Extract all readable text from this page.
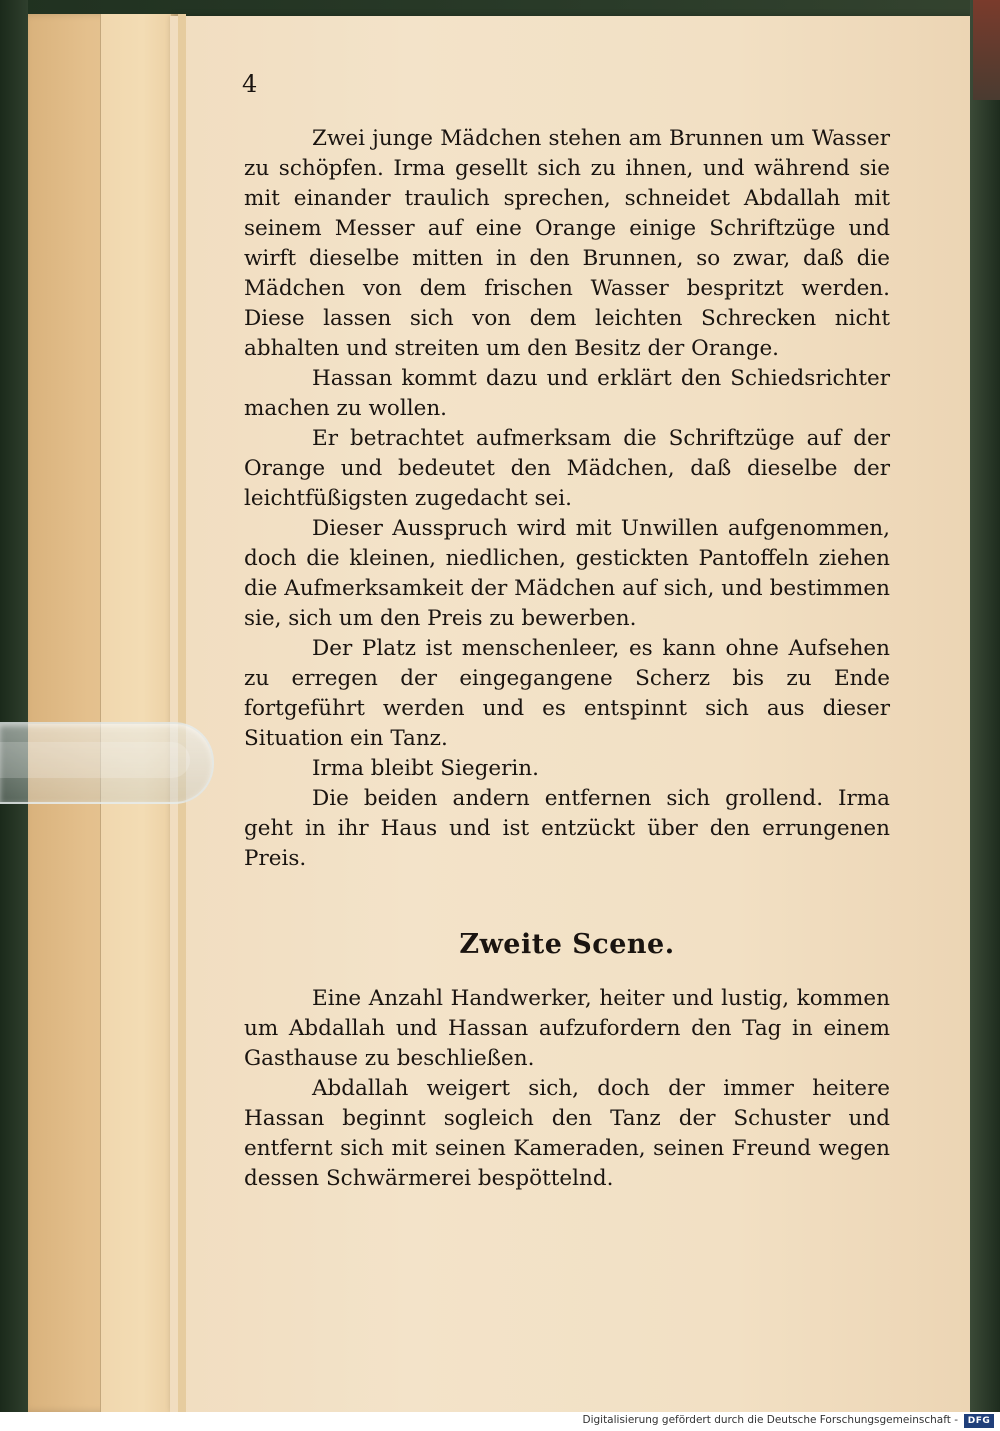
4

Zwei junge Mädchen stehen am Brunnen um Wasser zu schöpfen. Irma gesellt sich zu ihnen, und während sie mit einander traulich sprechen, schneidet Abdallah mit seinem Messer auf eine Orange einige Schriftzüge und wirft dieselbe mitten in den Brunnen, so zwar, daß die Mädchen von dem frischen Wasser bespritzt werden. Diese lassen sich von dem leichten Schrecken nicht abhalten und streiten um den Besitz der Orange.

Hassan kommt dazu und erklärt den Schiedsrichter machen zu wollen.

Er betrachtet aufmerksam die Schriftzüge auf der Orange und bedeutet den Mädchen, daß dieselbe der leichtfüßigsten zugedacht sei.

Dieser Ausspruch wird mit Unwillen aufgenommen, doch die kleinen, niedlichen, gestickten Pantoffeln ziehen die Aufmerksamkeit der Mädchen auf sich, und bestimmen sie, sich um den Preis zu bewerben.

Der Platz ist menschenleer, es kann ohne Aufsehen zu erregen der eingegangene Scherz bis zu Ende fortgeführt werden und es entspinnt sich aus dieser Situation ein Tanz.

Irma bleibt Siegerin.

Die beiden andern entfernen sich grollend. Irma geht in ihr Haus und ist entzückt über den errungenen Preis.

Zweite Scene.

Eine Anzahl Handwerker, heiter und lustig, kommen um Abdallah und Hassan aufzufordern den Tag in einem Gasthause zu beschließen.

Abdallah weigert sich, doch der immer heitere Hassan beginnt sogleich den Tanz der Schuster und entfernt sich mit seinen Kameraden, seinen Freund wegen dessen Schwärmerei bespöttelnd.

Digitalisierung gefördert durch die Deutsche Forschungsgemeinschaft -	DFG
